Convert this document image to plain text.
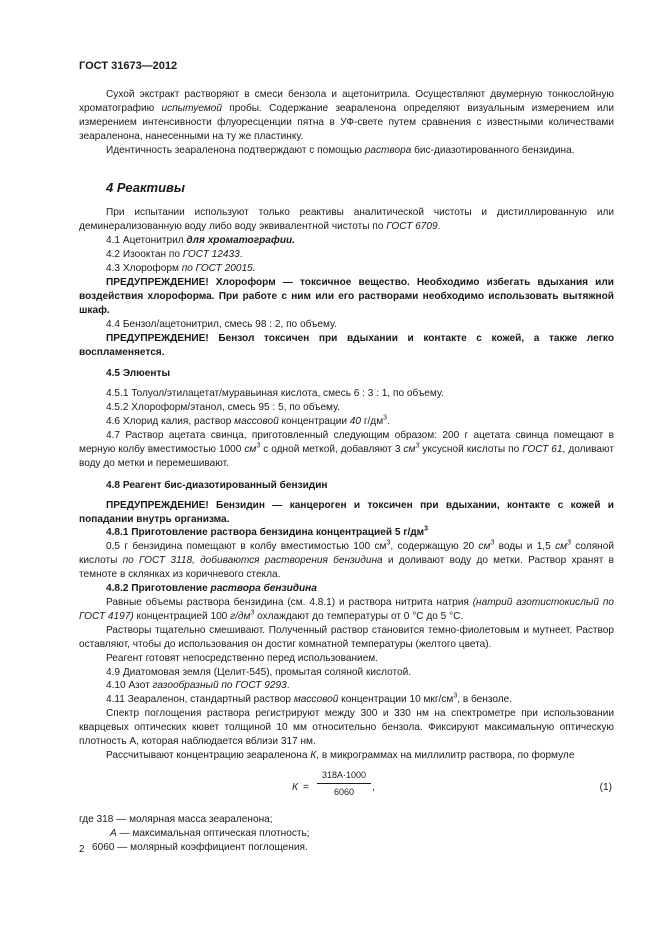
ГОСТ 31673—2012

Сухой экстракт растворяют в смеси бензола и ацетонитрила. Осуществляют двумерную тонкослойную хроматографию испытуемой пробы. Содержание зеараленона определяют визуальным измерением или измерением интенсивности флуоресценции пятна в УФ-свете путем сравнения с известными количествами зеараленона, нанесенными на ту же пластинку.

Идентичность зеараленона подтверждают с помощью раствора бис-диазотированного бензидина.

4 Реактивы

При испытании используют только реактивы аналитической чистоты и дистиллированную или деминерализованную воду либо воду эквивалентной чистоты по ГОСТ 6709.

4.1 Ацетонитрил для хроматографии.

4.2 Изооктан по ГОСТ 12433.

4.3 Хлороформ по ГОСТ 20015.

ПРЕДУПРЕЖДЕНИЕ! Хлороформ — токсичное вещество. Необходимо избегать вдыхания или воздействия хлороформа. При работе с ним или его растворами необходимо использовать вытяжной шкаф.

4.4 Бензол/ацетонитрил, смесь 98 : 2, по объему.

ПРЕДУПРЕЖДЕНИЕ! Бензол токсичен при вдыхании и контакте с кожей, а также легко воспламеняется.

4.5 Элюенты

4.5.1 Толуол/этилацетат/муравьиная кислота, смесь 6 : 3 : 1, по объему.

4.5.2 Хлороформ/этанол, смесь 95 : 5, по объему.

4.6 Хлорид калия, раствор массовой концентрации 40 $г/дм^3$.

4.7 Раствор ацетата свинца, приготовленный следующим образом: 200 г ацетата свинца помещают в мерную колбу вместимостью 1000 $см^3$ с одной меткой, добавляют 3 $см^3$ уксусной кислоты по ГОСТ 61, доливают воду до метки и перемешивают.

4.8 Реагент бис-диазотированный бензидин

ПРЕДУПРЕЖДЕНИЕ! Бензидин — канцероген и токсичен при вдыхании, контакте с кожей и попадании внутрь организма.

4.8.1 Приготовление раствора бензидина концентрацией 5 $г/дм^3$

0,5 г бензидина помещают в колбу вместимостью 100 $см^3$, содержащую 20 $см^3$ воды и 1,5 $см^3$ соляной кислоты по ГОСТ 3118, добиваются растворения бензидина и доливают воду до метки. Раствор хранят в темноте в склянках из коричневого стекла.

4.8.2 Приготовление раствора бензидина

Равные объемы раствора бензидина (см. 4.8.1) и раствора нитрита натрия (натрий азотистокислый по ГОСТ 4197) концентрацией 100 $г/дм^3$ охлаждают до температуры от 0 °С до 5 °С.

Растворы тщательно смешивают. Полученный раствор становится темно-фиолетовым и мутнеет. Раствор оставляют, чтобы до использования он достиг комнатной температуры (желтого цвета).

Реагент готовят непосредственно перед использованием.

4.9 Диатомовая земля (Целит-545), промытая соляной кислотой.

4.10 Азот газообразный по ГОСТ 9293.

4.11 Зеараленон, стандартный раствор массовой концентрации 10 мкг/$см^3$, в бензоле.

Спектр поглощения раствора регистрируют между 300 и 330 нм на спектрометре при использовании кварцевых оптических кювет толщиной 10 мм относительно бензола. Фиксируют максимальную оптическую плотность А, которая наблюдается вблизи 317 нм.

Рассчитывают концентрацию зеараленона К, в микрограммах на миллилитр раствора, по формуле

К =
318А·1000
6060	,	(1)

где 318 — молярная масса зеараленона;

А — максимальная оптическая плотность;

6060 — молярный коэффициент поглощения.

2
